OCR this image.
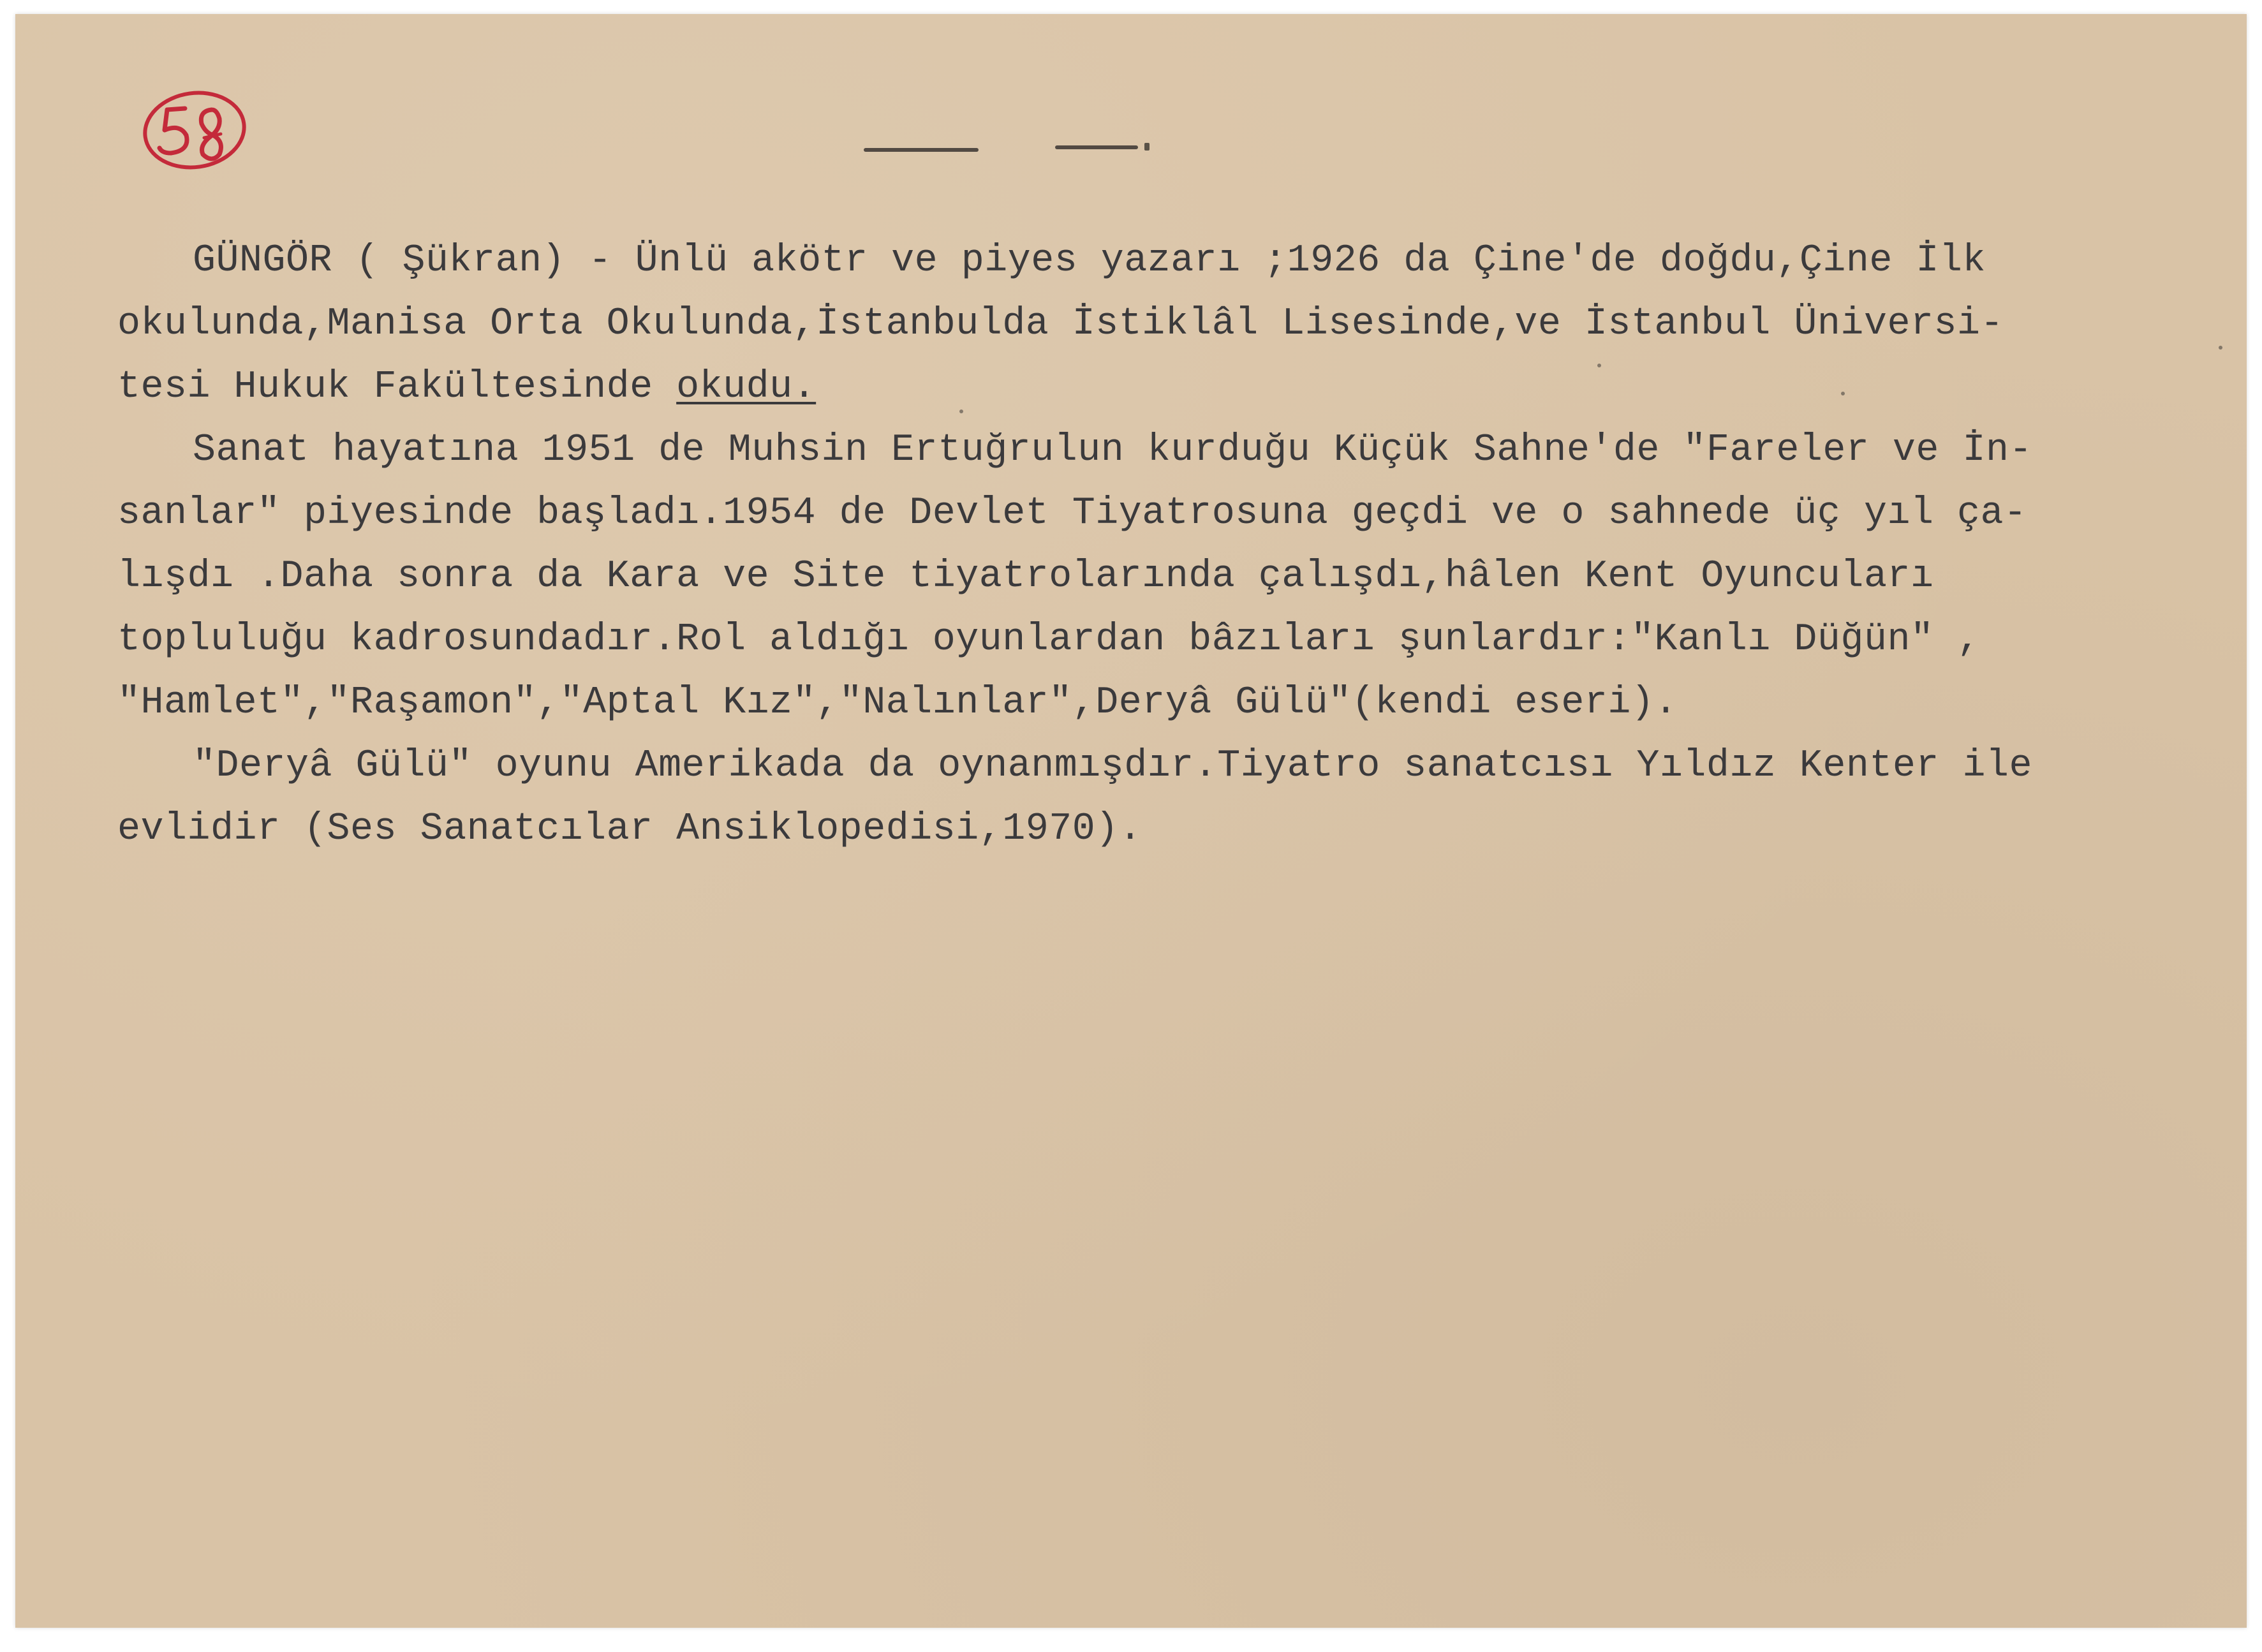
GÜNGÖR ( Şükran) - Ünlü akötr ve piyes yazarı ;1926 da Çine'de doğdu,Çine İlk
okulunda,Manisa Orta Okulunda,İstanbulda İstiklâl Lisesinde,ve İstanbul Üniversi-
tesi Hukuk Fakültesinde okudu.
Sanat hayatına 1951 de Muhsin Ertuğrulun kurduğu Küçük Sahne'de "Fareler ve İn-
sanlar" piyesinde başladı.1954 de Devlet Tiyatrosuna geçdi ve o sahnede üç yıl ça-
lışdı .Daha sonra da Kara ve Site tiyatrolarında çalışdı,hâlen Kent Oyuncuları
topluluğu kadrosundadır.Rol aldığı oyunlardan bâzıları şunlardır:"Kanlı Düğün" ,
"Hamlet","Raşamon","Aptal Kız","Nalınlar",Deryâ Gülü"(kendi eseri).
"Deryâ Gülü" oyunu Amerikada da oynanmışdır.Tiyatro sanatcısı Yıldız Kenter ile
evlidir (Ses Sanatcılar Ansiklopedisi,1970).
